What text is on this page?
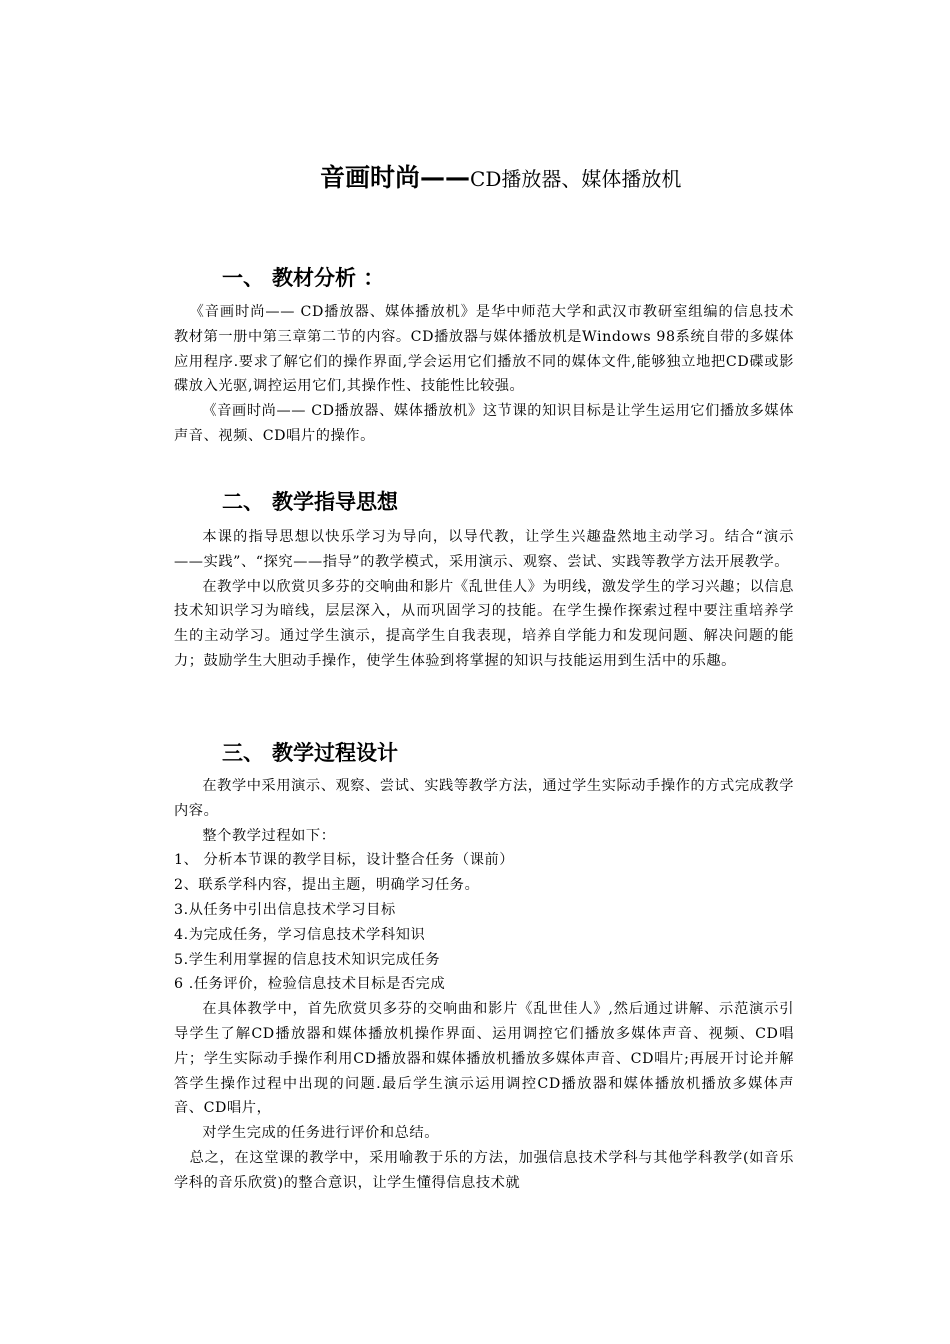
音画时尚——CD播放器、媒体播放机
一、 教材分析 ：

《音画时尚—— CD播放器、媒体播放机》是华中师范大学和武汉市教研室组编的信息技术教材第一册中第三章第二节的内容。CD播放器与媒体播放机是Windows 98系统自带的多媒体应用程序.要求了解它们的操作界面,学会运用它们播放不同的媒体文件,能够独立地把CD碟或影碟放入光驱,调控运用它们,其操作性、技能性比较强。

《音画时尚—— CD播放器、媒体播放机》这节课的知识目标是让学生运用它们播放多媒体声音、视频、CD唱片的操作。

二、 教学指导思想

本课的指导思想以快乐学习为导向，以导代教，让学生兴趣盎然地主动学习。结合“演示——实践”、“探究——指导”的教学模式，采用演示、观察、尝试、实践等教学方法开展教学。

在教学中以欣赏贝多芬的交响曲和影片《乱世佳人》为明线，激发学生的学习兴趣；以信息技术知识学习为暗线，层层深入，从而巩固学习的技能。在学生操作探索过程中要注重培养学生的主动学习。通过学生演示，提高学生自我表现，培养自学能力和发现问题、解决问题的能力；鼓励学生大胆动手操作，使学生体验到将掌握的知识与技能运用到生活中的乐趣。

三、 教学过程设计

在教学中采用演示、观察、尝试、实践等教学方法，通过学生实际动手操作的方式完成教学内容。

整个教学过程如下：

1、 分析本节课的教学目标，设计整合任务（课前）

2、联系学科内容，提出主题，明确学习任务。

3.从任务中引出信息技术学习目标

4.为完成任务，学习信息技术学科知识

5.学生利用掌握的信息技术知识完成任务

6 .任务评价，检验信息技术目标是否完成

在具体教学中，首先欣赏贝多芬的交响曲和影片《乱世佳人》,然后通过讲解、示范演示引导学生了解CD播放器和媒体播放机操作界面、运用调控它们播放多媒体声音、视频、CD唱片；学生实际动手操作利用CD播放器和媒体播放机播放多媒体声音、CD唱片;再展开讨论并解答学生操作过程中出现的问题.最后学生演示运用调控CD播放器和媒体播放机播放多媒体声音、CD唱片，

对学生完成的任务进行评价和总结。

总之，在这堂课的教学中，采用喻教于乐的方法，加强信息技术学科与其他学科教学(如音乐学科的音乐欣赏)的整合意识，让学生懂得信息技术就
